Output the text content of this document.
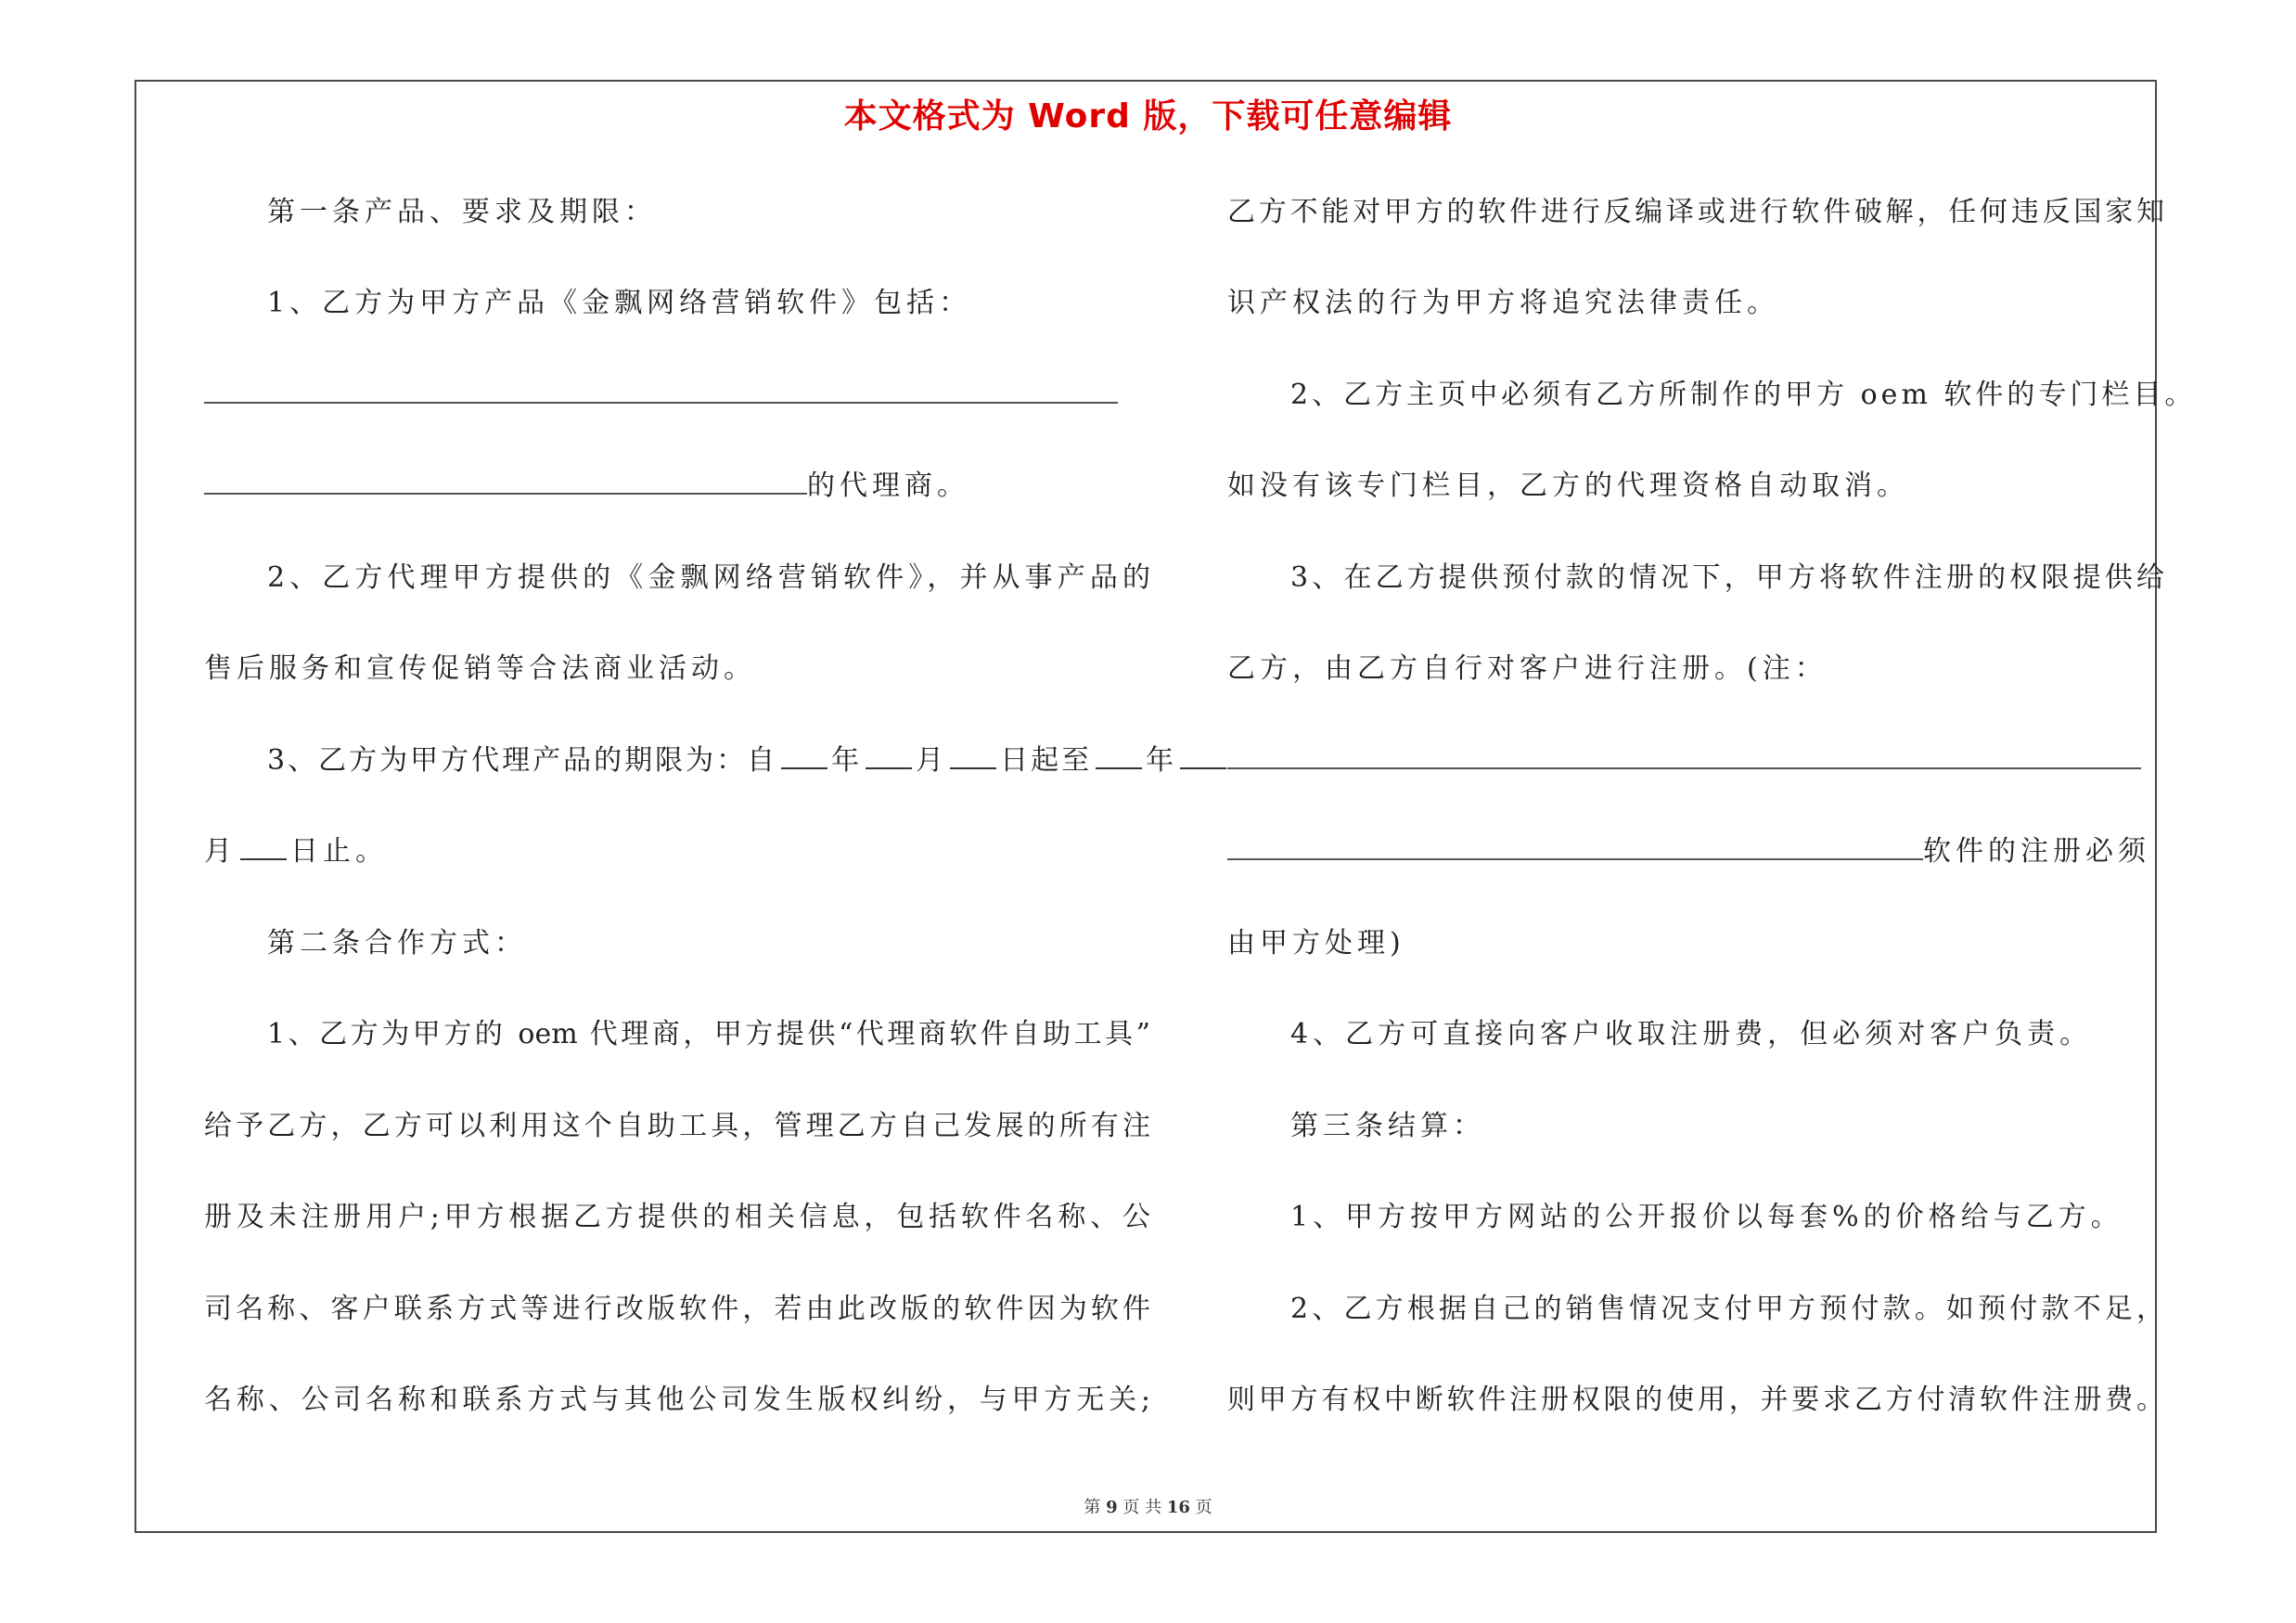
本文格式为 Word 版，下载可任意编辑
第一条产品、要求及期限：
1、乙方为甲方产品《金飘网络营销软件》包括：
的代理商。
2、乙方代理甲方提供的《金飘网络营销软件》，并从事产品的
售后服务和宣传促销等合法商业活动。
3、乙方为甲方代理产品的期限为：自 年 月 日起至 年
月 日止。
第二条合作方式：
1、乙方为甲方的 oem 代理商，甲方提供“代理商软件自助工具”
给予乙方，乙方可以利用这个自助工具，管理乙方自己发展的所有注
册及未注册用户;甲方根据乙方提供的相关信息，包括软件名称、公
司名称、客户联系方式等进行改版软件，若由此改版的软件因为软件
名称、公司名称和联系方式与其他公司发生版权纠纷，与甲方无关;
乙方不能对甲方的软件进行反编译或进行软件破解，任何违反国家知
识产权法的行为甲方将追究法律责任。
2、乙方主页中必须有乙方所制作的甲方 oem 软件的专门栏目。
如没有该专门栏目，乙方的代理资格自动取消。
3、在乙方提供预付款的情况下，甲方将软件注册的权限提供给
乙方，由乙方自行对客户进行注册。(注：
软件的注册必须
由甲方处理)
4、乙方可直接向客户收取注册费，但必须对客户负责。
第三条结算：
1、甲方按甲方网站的公开报价以每套%的价格给与乙方。
2、乙方根据自己的销售情况支付甲方预付款。如预付款不足，
则甲方有权中断软件注册权限的使用，并要求乙方付清软件注册费。
第 9 页 共 16 页
